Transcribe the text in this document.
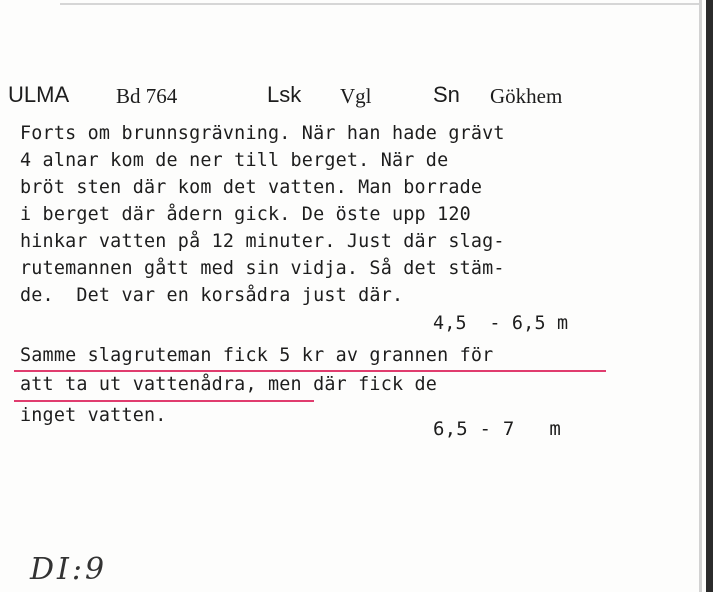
ULMA Bd 764	Lsk Vgl	Sn Gökhem
Forts om brunnsgrävning. När han hade grävt
4 alnar kom de ner till berget. När de
bröt sten där kom det vatten. Man borrade
i berget där ådern gick. De öste upp 120
hinkar vatten på 12 minuter. Just där slag-
rutemannen gått med sin vidja. Så det stäm-
de.  Det var en korsådra just där.
4,5  - 6,5 m
Samme slagruteman fick 5 kr av grannen för
att ta ut vattenådra, men där fick de
inget vatten.
6,5 - 7   m
DI:9
